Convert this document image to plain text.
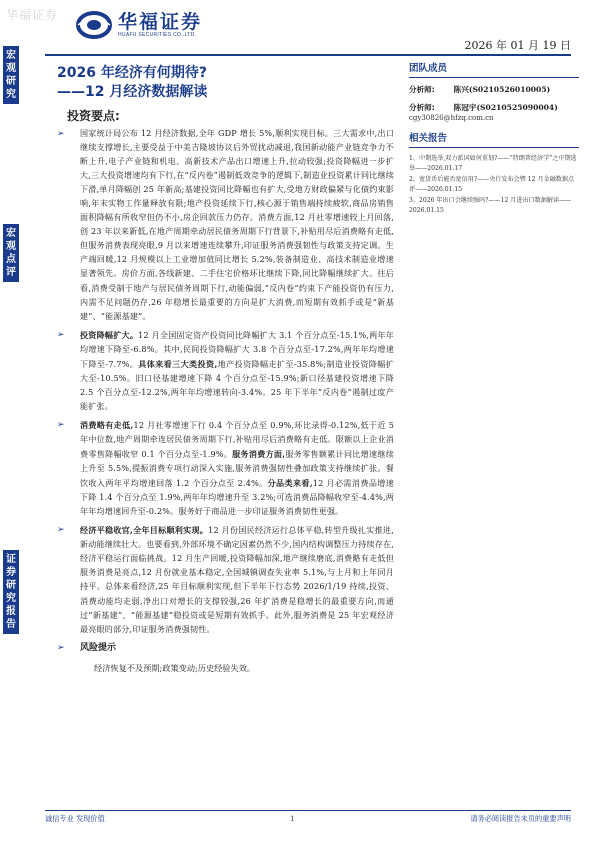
华福证券	华福证券
HUAFU SECURITIES CO.,LTD.
2026 年 01 月 19 日
宏观研究
宏观点评
证券研究报告
2026 年经济有何期待?
——12 月经济数据解读
投资要点:
➢ 国家统计局公布 12 月经济数据,全年 GDP 增长 5%,顺利实现目标。三大需求中,出口继续支撑增长,主要受益于中美吉隆坡协议后外贸扰动减退,我国新动能产业链竞争力不断上升,电子产业链和机电、高新技术产品出口增速上升,拉动较强;投资降幅进一步扩大,三大投资增速均有下行,在“反内卷”遏制低效竞争的逻辑下,制造业投资累计同比继续下滑,单月降幅创 25 年新高;基建投资同比降幅也有扩大,受地方财政偏紧与化债约束影响,年末实物工作量释放有限;地产投资延续下行,核心源于销售端持续疲软,商品房销售面积降幅有所收窄但仍不小,房企回款压力仍存。消费方面,12 月社零增速较上月回落,创 23 年以来新低,在地产周期牵动居民债务周期下行背景下,补贴用尽后消费略有走低,但服务消费表现亮眼,9 月以来增速连续攀升,印证服务消费强韧性与政策支持定调。生产端回暖,12 月规模以上工业增加值同比增长 5.2%,装备制造业、高技术制造业增速显著领先。房价方面,各线新建、二手住宅价格环比继续下降,同比降幅继续扩大。往后看,消费受制于地产与居民债务周期下行,动能偏弱,“反内卷”约束下产能投资仍有压力,内需不足问题仍存,26 年稳增长最重要的方向是扩大消费,而短期有效抓手或是“新基建”、“能源基建”。
➢ 投资降幅扩大。12 月全国固定资产投资同比降幅扩大 3.1 个百分点至-15.1%,两年年均增速下降至-6.8%。其中,民间投资降幅扩大 3.8 个百分点至-17.2%,两年年均增速下降至-7.7%。具体来看三大类投资,地产投资降幅走扩至-35.8%;制造业投资降幅扩大至-10.5%。旧口径基建增速下降 4 个百分点至-15.9%;新口径基建投资增速下降 2.5 个百分点至-12.2%,两年年均增速转向-3.4%。25 年下半年“反内卷”遏制过度产能扩张。
➢ 消费略有走低,12 月社零增速下行 0.4 个百分点至 0.9%,环比录得-0.12%,低于近 5 年中位数,地产周期牵连居民债务周期下行,补贴用尽后消费略有走低。限额以上企业消费零售降幅收窄 0.1 个百分点至-1.9%。服务消费方面,服务零售额累计同比增速继续上升至 5.5%,提振消费专项行动深入实施,服务消费强韧性叠加政策支持继续扩张。餐饮收入两年平均增速回落 1.2 个百分点至 2.4%。分品类来看,12 月必需消费品增速下降 1.4 个百分点至 1.9%,两年年均增速升至 3.2%;可选消费品降幅收窄至-4.4%,两年年均增速回升至-0.2%。服务好于商品进一步印证服务消费韧性更强。
➢ 经济平稳收官,全年目标顺利实现。12 月份国民经济运行总体平稳,转型升级扎实推进,新动能继续壮大。也要看到,外部环境不确定因素仍然不少,国内结构调整压力持续存在,经济平稳运行面临挑战。12 月生产回暖,投资降幅加深,地产继续磨底,消费略有走低但服务消费是亮点,12 月份就业基本稳定,全国城镇调查失业率 5.1%,与上月和上年同月持平。总体来看经济,25 年目标顺利实现,但下半年下行态势 2026/1/19 持续,投资、消费动能均走弱,净出口对增长的支撑较强,26 年扩消费是稳增长的最重要方向,而通过“新基建”、“能源基建”稳投资或是短期有效抓手。此外,服务消费是 25 年宏观经济最亮眼的部分,印证服务消费强韧性。
➢ 风险提示
经济恢复不及预期;政策变动;历史经验失效。
团队成员
分析师: 陈兴(S0210526010005)
分析师: 陈冠宇(S0210525090004)
cgy30826@hfzq.com.cn
相关报告
1、中期选举,双力派国如何重划?——“特朗普经济学”之中期选举——2026.01.17
2、宽货币后能否宽信用?——央行发布会暨 12 月金融数据点评——2026.01.15
3、2026 年出口会继续强吗?——12 月进出口数据解读——2026.01.15
诚信专业 发现价值	1	请务必阅读报告末页的重要声明
